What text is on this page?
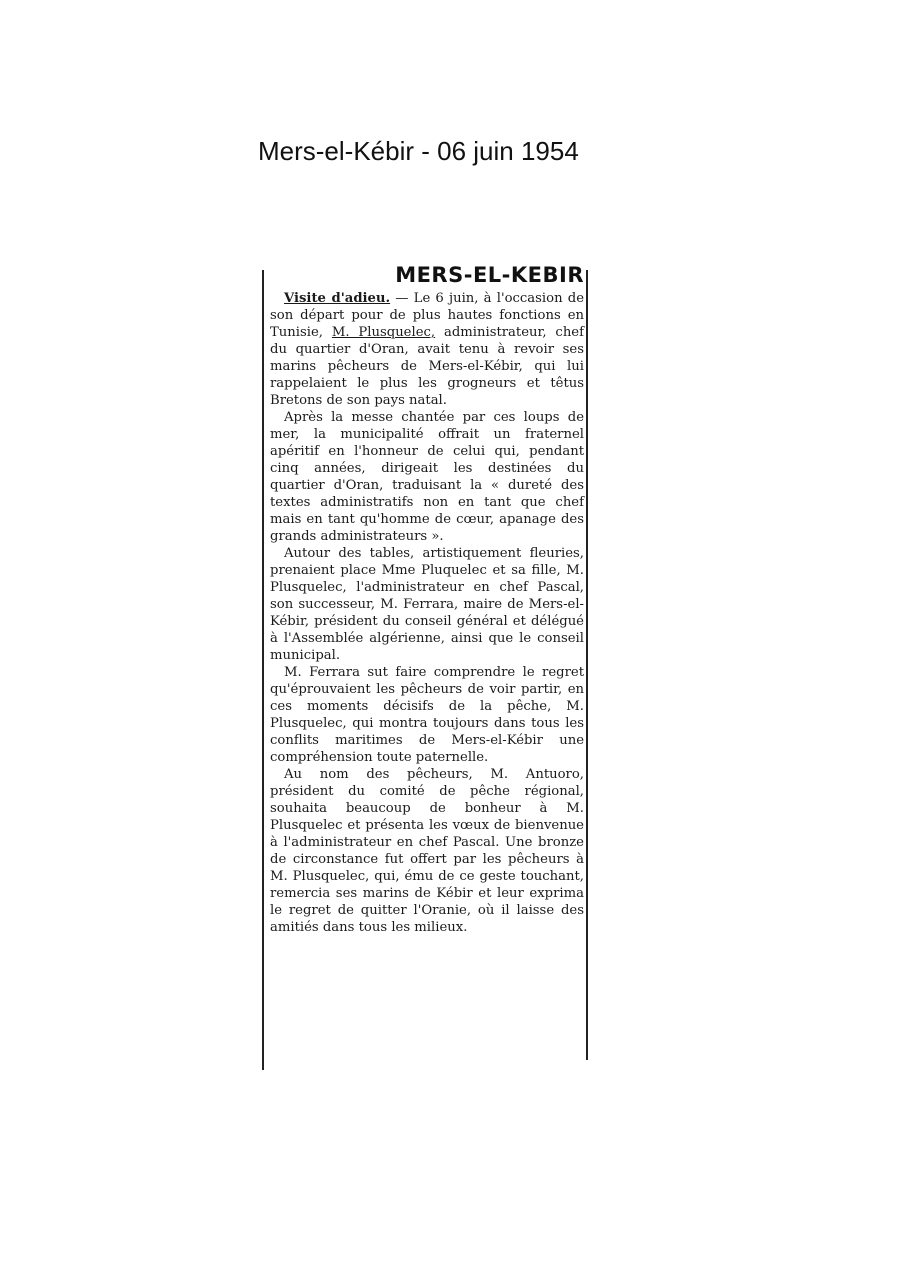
Mers-el-Kébir - 06 juin 1954
MERS-EL-KEBIR

Visite d'adieu. — Le 6 juin, à l'occasion de son départ pour de plus hautes fonctions en Tunisie, M. Plusquelec, administrateur, chef du quartier d'Oran, avait tenu à revoir ses marins pêcheurs de Mers-el-Kébir, qui lui rappelaient le plus les grogneurs et têtus Bretons de son pays natal.

Après la messe chantée par ces loups de mer, la municipalité offrait un fraternel apéritif en l'honneur de celui qui, pendant cinq années, dirigeait les destinées du quartier d'Oran, traduisant la « dureté des textes administratifs non en tant que chef mais en tant qu'homme de cœur, apanage des grands administrateurs ».

Autour des tables, artistiquement fleuries, prenaient place Mme Pluquelec et sa fille, M. Plusquelec, l'administrateur en chef Pascal, son successeur, M. Ferrara, maire de Mers-el-Kébir, président du conseil général et délégué à l'Assemblée algérienne, ainsi que le conseil municipal.

M. Ferrara sut faire comprendre le regret qu'éprouvaient les pêcheurs de voir partir, en ces moments décisifs de la pêche, M. Plusquelec, qui montra toujours dans tous les conflits maritimes de Mers-el-Kébir une compréhension toute paternelle.

Au nom des pêcheurs, M. Antuoro, président du comité de pêche régional, souhaita beaucoup de bonheur à M. Plusquelec et présenta les vœux de bienvenue à l'administrateur en chef Pascal. Une bronze de circonstance fut offert par les pêcheurs à M. Plusquelec, qui, ému de ce geste touchant, remercia ses marins de Kébir et leur exprima le regret de quitter l'Oranie, où il laisse des amitiés dans tous les milieux.
